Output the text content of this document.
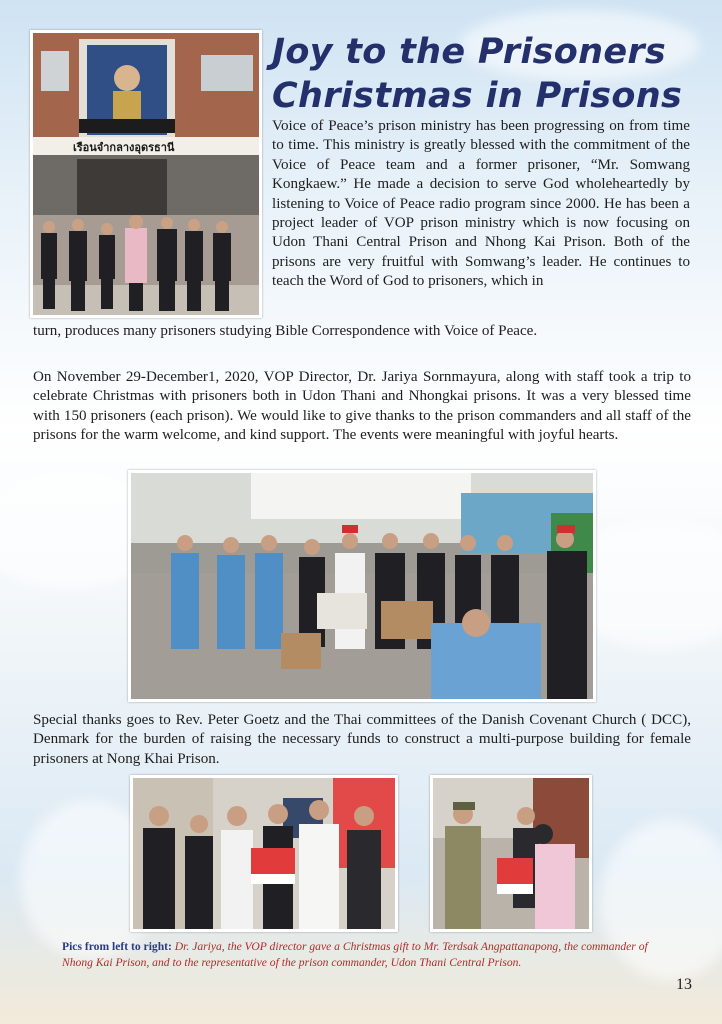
เรือนจำกลางอุดรธานี
Joy to the Prisoners
Christmas in Prisons

Voice of Peace’s prison ministry has been progressing on from time to time. This ministry is greatly blessed with the commitment of the Voice of Peace team and a former prisoner, “Mr. Somwang Kongkaew.” He made a decision to serve God wholeheartedly by listening to Voice of Peace radio program since 2000. He has been a project leader of VOP prison ministry which is now focusing on Udon Thani Central Prison and Nhong Kai Prison. Both of the prisons are very fruitful with Somwang’s leader. He continues to teach the Word of God to prisoners, which in

turn, produces many prisoners studying Bible Correspondence with Voice of Peace.

On November 29-December1, 2020, VOP Director, Dr. Jariya Sornmayura, along with staff took a trip to celebrate Christmas with prisoners both in Udon Thani and Nhongkai prisons. It was a very blessed time with 150 prisoners (each prison). We would like to give thanks to the prison commanders and all staff of the prisons for the warm welcome, and kind support. The events were meaningful with joyful hearts.

Special thanks goes to Rev. Peter Goetz and the Thai committees of the Danish Covenant Church ( DCC), Denmark for the burden of raising the necessary funds to construct a multi-purpose building for female prisoners at Nong Khai Prison.

Pics from left to right: Dr. Jariya, the VOP director gave a Christmas gift to Mr. Terdsak Angpattanapong, the commander of Nhong Kai Prison, and to the representative of the prison commander, Udon Thani Central Prison.

13
